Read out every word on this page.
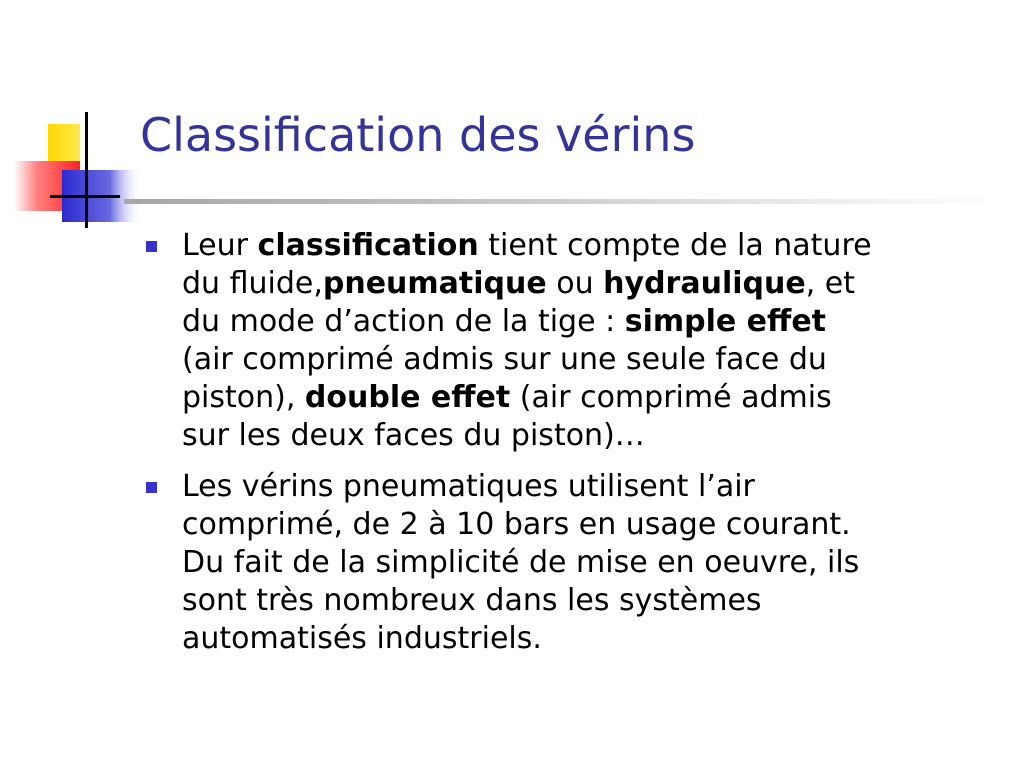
Classification des vérins
Leur classification tient compte de la nature
du fluide,pneumatique ou hydraulique, et
du mode d’action de la tige : simple effet
(air comprimé admis sur une seule face du
piston), double effet (air comprimé admis
sur les deux faces du piston)…
Les vérins pneumatiques utilisent l’air
comprimé, de 2 à 10 bars en usage courant.
Du fait de la simplicité de mise en oeuvre, ils
sont très nombreux dans les systèmes
automatisés industriels.
